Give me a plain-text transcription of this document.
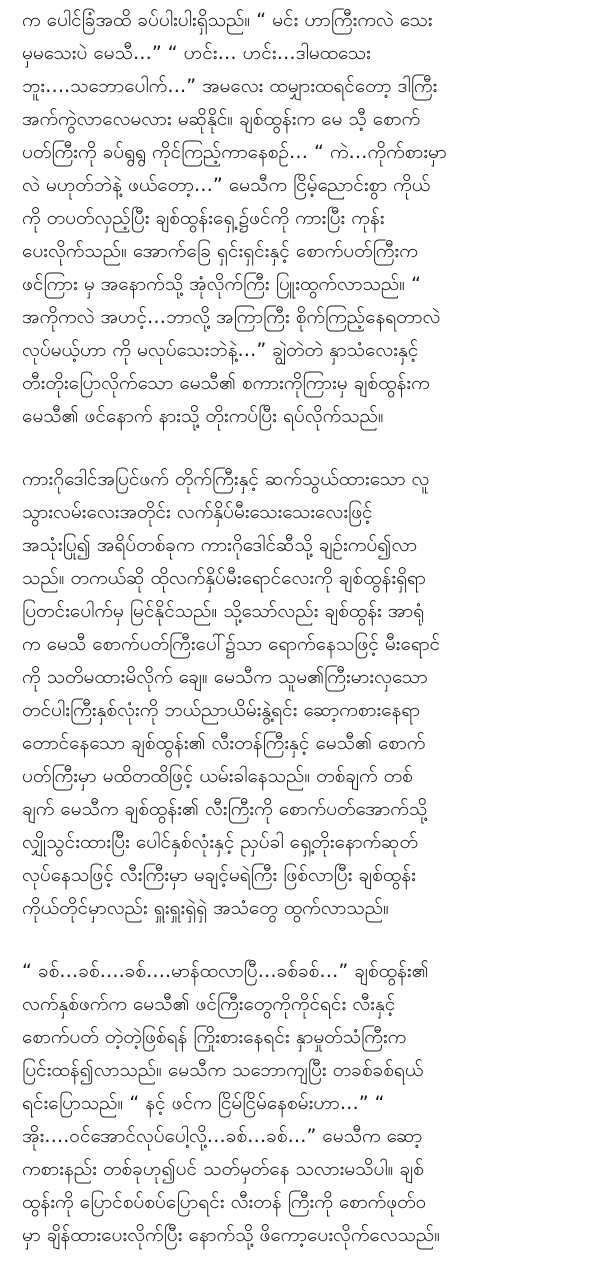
က ပေါင်ခြံအထိ ခပ်ပါးပါးရှိသည်။ “ မင်း ဟာကြီးကလဲ သေး
မှမသေးပဲ မေသီ…” “ ဟင်း… ဟင်း…ဒါမထသေး
ဘူး….သဘောပေါက်…” အမလေး ထမျှားထရင်တော့ ဒါကြီး
အက်ကွဲလာလေမလား မဆိုနိုင်။ ချစ်ထွန်းက မေ သီ့ စောက်
ပတ်ကြီးကို ခပ်ရွရွ ကိုင်ကြည့်ကာနေစဉ်… “ ကဲ…ကိုက်စားမှာ
လဲ မဟုတ်ဘဲနဲ့ ဖယ်တော့…” မေသီက ငြိမ့်ညောင်းစွာ ကိုယ်
ကို တပတ်လှည့်ပြီး ချစ်ထွန်းရှေ့၌ဖင်ကို ကားပြီး ကုန်း
ပေးလိုက်သည်။ အောက်ခြေ ရှင်းရှင်းနှင့် စောက်ပတ်ကြီးက
ဖင်ကြား မှ အနောက်သို့ အုံလိုက်ကြီး ပြူးထွက်လာသည်။ “
အကိုကလဲ အဟင့်…ဘာလို့ အကြာကြီး စိုက်ကြည့်နေရတာလဲ
လုပ်မယ့်ဟာ ကို မလုပ်သေးဘဲနဲ့…” ချွဲတဲတဲ နှာသံလေးနှင့်
တီးတိုးပြောလိုက်သော မေသီ၏ စကားကိုကြားမှ ချစ်ထွန်းက
မေသီ၏ ဖင်နောက် နားသို့ တိုးကပ်ပြီး ရပ်လိုက်သည်။

ကားဂိုဒေါင်အပြင်ဖက် တိုက်ကြီးနှင့် ဆက်သွယ်ထားသော လူ
သွားလမ်းလေးအတိုင်း လက်နှိပ်မီးသေးသေးလေးဖြင့်
အသုံးပြု၍ အရိပ်တစ်ခုက ကားဂိုဒေါင်ဆီသို့ ချဉ်းကပ်၍လာ
သည်။ တကယ်ဆို ထိုလက်နှိပ်မီးရောင်လေးကို ချစ်ထွန်းရှိရာ
ပြတင်းပေါက်မှ မြင်နိုင်သည်။ သို့သော်လည်း ချစ်ထွန်း အာရုံ
က မေသီ စောက်ပတ်ကြီးပေါ်၌သာ ရောက်နေသဖြင့် မီးရောင်
ကို သတိမထားမိလိုက် ချေ။ မေသီက သူမ၏ကြီးမားလှသော
တင်ပါးကြီးနှစ်လုံးကို ဘယ်ညာယိမ်းနွဲ့ရင်း ဆော့ကစားနေရာ
တောင်နေသော ချစ်ထွန်း၏ လီးတန်ကြီးနှင့် မေသီ၏ စောက်
ပတ်ကြီးမှာ မထိတထိဖြင့် ယမ်းခါနေသည်။ တစ်ချက် တစ်
ချက် မေသီက ချစ်ထွန်း၏ လီးကြီးကို စောက်ပတ်အောက်သို့
လျှိုသွင်းထားပြီး ပေါင်နှစ်လုံးနှင့် ညှပ်ခါ ရှေ့တိုးနောက်ဆုတ်
လုပ်နေသဖြင့် လီးကြီးမှာ မချင့်မရဲကြီး ဖြစ်လာပြီး ချစ်ထွန်း
ကိုယ်တိုင်မှာလည်း ရှူးရှူးရှဲရှဲ အသံတွေ ထွက်လာသည်။

“ ခစ်…ခစ်….ခစ်….မာန်ထလာပြီ…ခစ်ခစ်…” ချစ်ထွန်း၏
လက်နှစ်ဖက်က မေသီ၏ ဖင်ကြီးတွေကိုကိုင်ရင်း လီးနှင့်
စောက်ပတ် တဲ့တဲ့ဖြစ်ရန် ကြိုးစားနေရင်း နှာမှုတ်သံကြီးက
ပြင်းထန်၍လာသည်။ မေသီက သဘောကျပြီး တခစ်ခစ်ရယ်
ရင်းပြောသည်။ “ နင့် ဖင်က ငြိမ်ငြိမ်နေစမ်းဟာ…” “
အိုး….ဝင်အောင်လုပ်ပေါ့လို့…ခစ်…ခစ်…” မေသီက ဆော့
ကစားနည်း တစ်ခုဟု၍ပင် သတ်မှတ်နေ သလားမသိပါ။ ချစ်
ထွန်းကို ပြောင်စပ်စပ်ပြောရင်း လီးတန် ကြီးကို စောက်ဖုတ်ဝ
မှာ ချိန်ထားပေးလိုက်ပြီး နောက်သို့ ဖိကော့ပေးလိုက်လေသည်။
